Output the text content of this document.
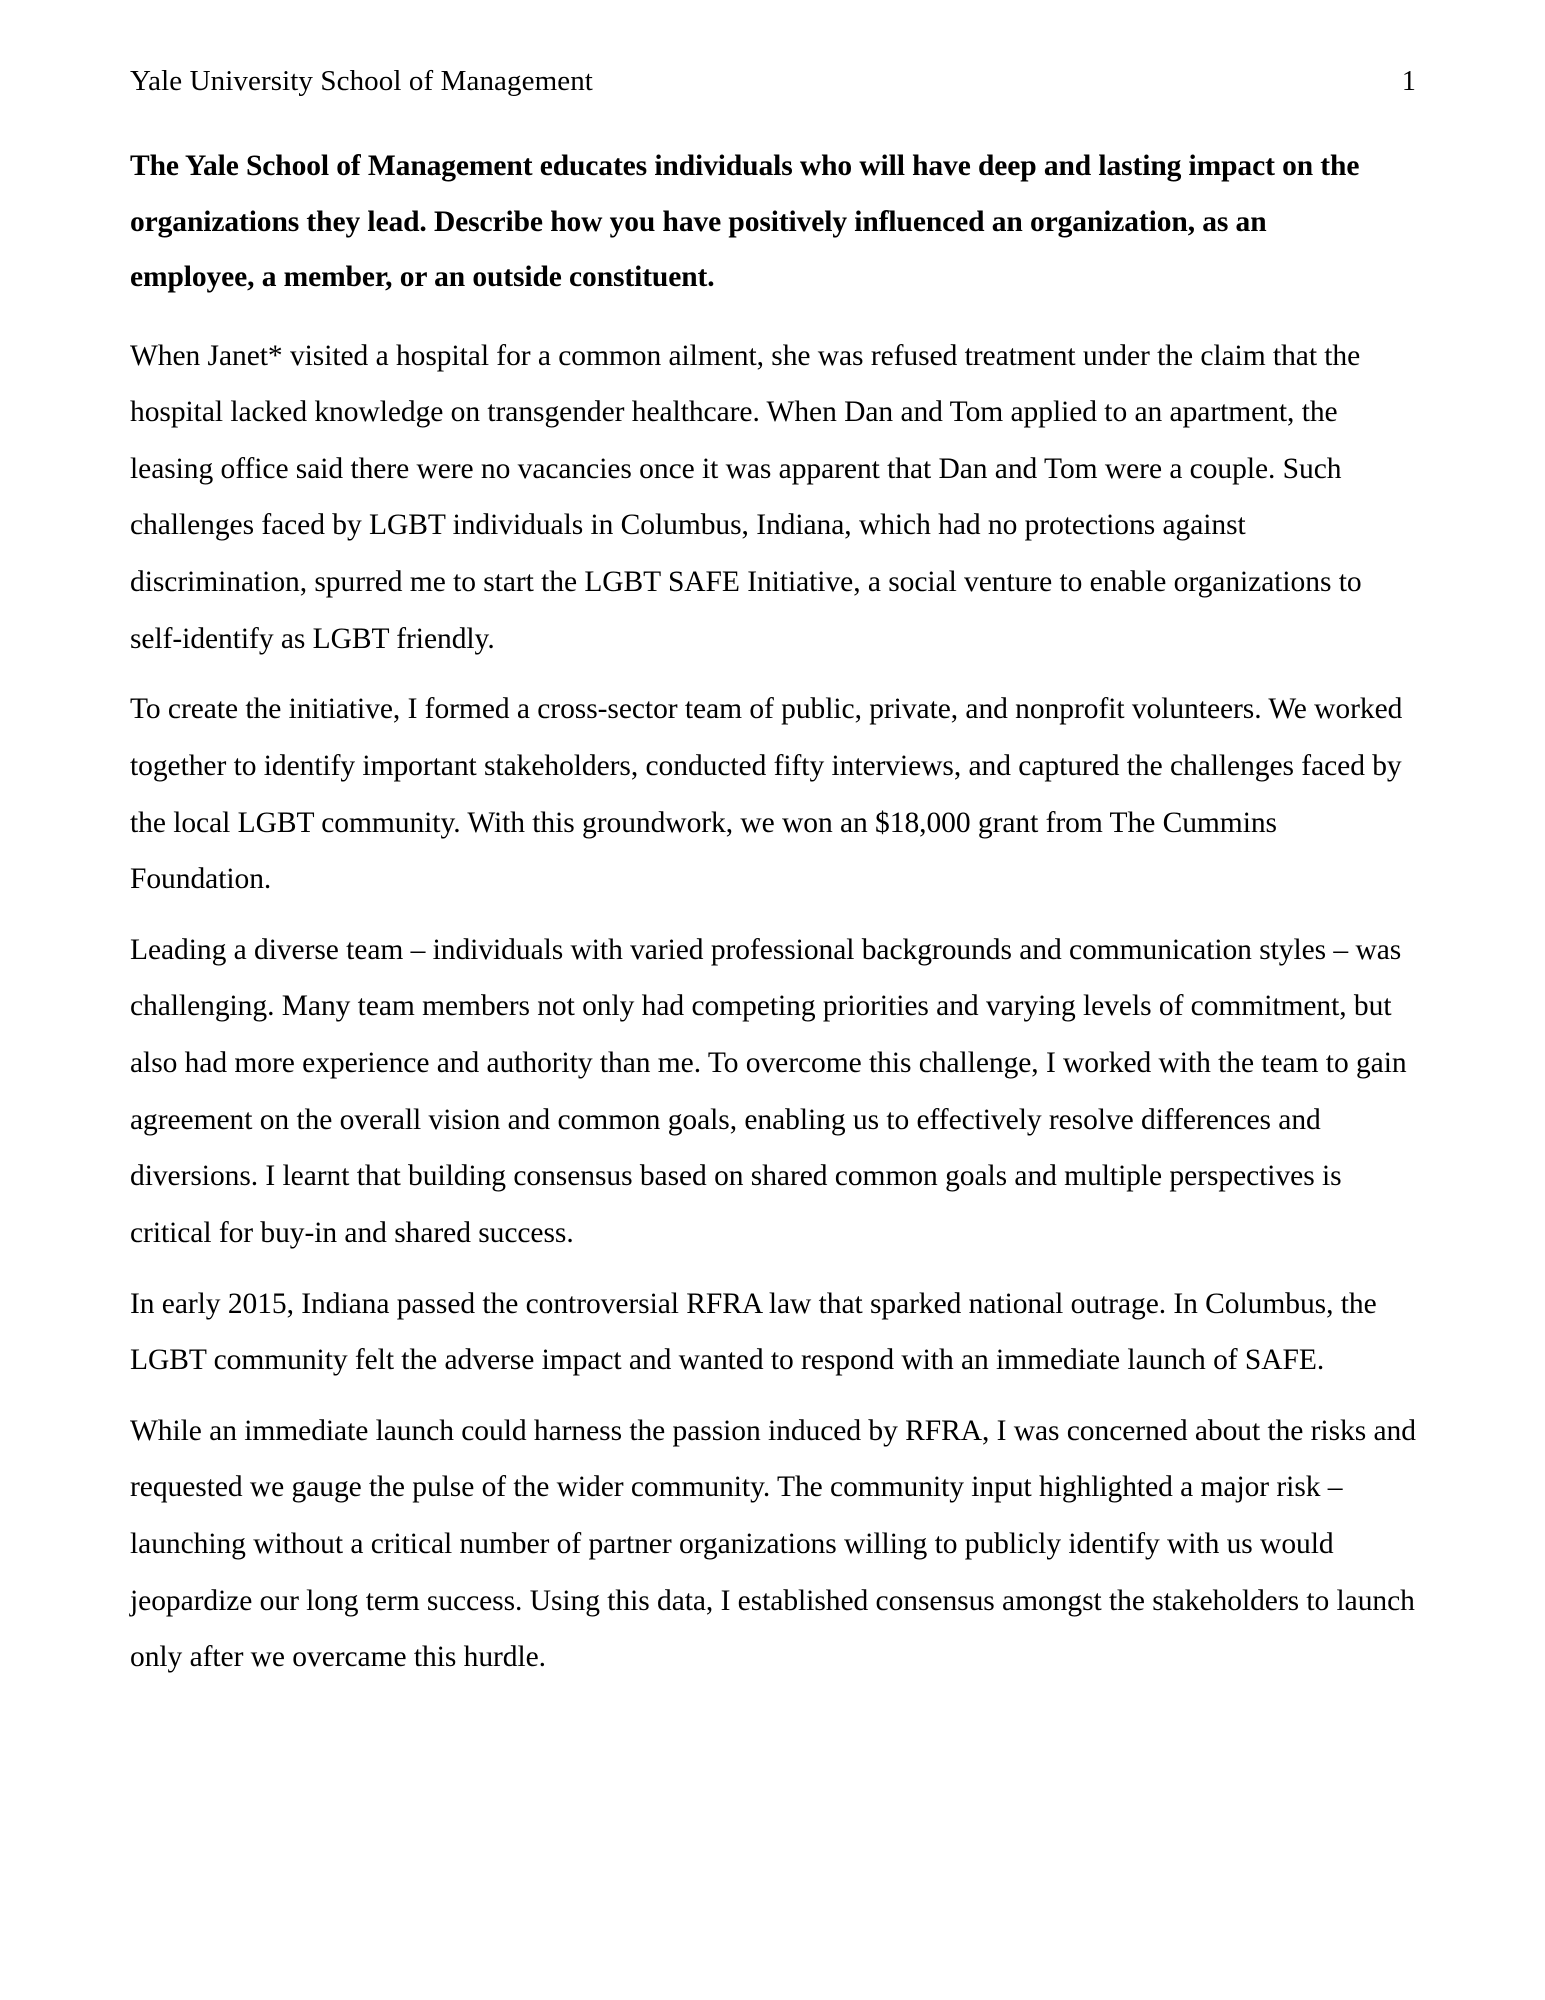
Yale University School of Management	1

The Yale School of Management educates individuals who will have deep and lasting impact on the organizations they lead. Describe how you have positively influenced an organization, as an employee, a member, or an outside constituent.

When Janet* visited a hospital for a common ailment, she was refused treatment under the claim that the hospital lacked knowledge on transgender healthcare. When Dan and Tom applied to an apartment, the leasing office said there were no vacancies once it was apparent that Dan and Tom were a couple. Such challenges faced by LGBT individuals in Columbus, Indiana, which had no protections against discrimination, spurred me to start the LGBT SAFE Initiative, a social venture to enable organizations to self-identify as LGBT friendly.

To create the initiative, I formed a cross-sector team of public, private, and nonprofit volunteers. We worked together to identify important stakeholders, conducted fifty interviews, and captured the challenges faced by the local LGBT community. With this groundwork, we won an $18,000 grant from The Cummins Foundation.

Leading a diverse team – individuals with varied professional backgrounds and communication styles – was challenging. Many team members not only had competing priorities and varying levels of commitment, but also had more experience and authority than me. To overcome this challenge, I worked with the team to gain agreement on the overall vision and common goals, enabling us to effectively resolve differences and diversions. I learnt that building consensus based on shared common goals and multiple perspectives is critical for buy-in and shared success.

In early 2015, Indiana passed the controversial RFRA law that sparked national outrage. In Columbus, the LGBT community felt the adverse impact and wanted to respond with an immediate launch of SAFE.

While an immediate launch could harness the passion induced by RFRA, I was concerned about the risks and requested we gauge the pulse of the wider community. The community input highlighted a major risk – launching without a critical number of partner organizations willing to publicly identify with us would jeopardize our long term success. Using this data, I established consensus amongst the stakeholders to launch only after we overcame this hurdle.
